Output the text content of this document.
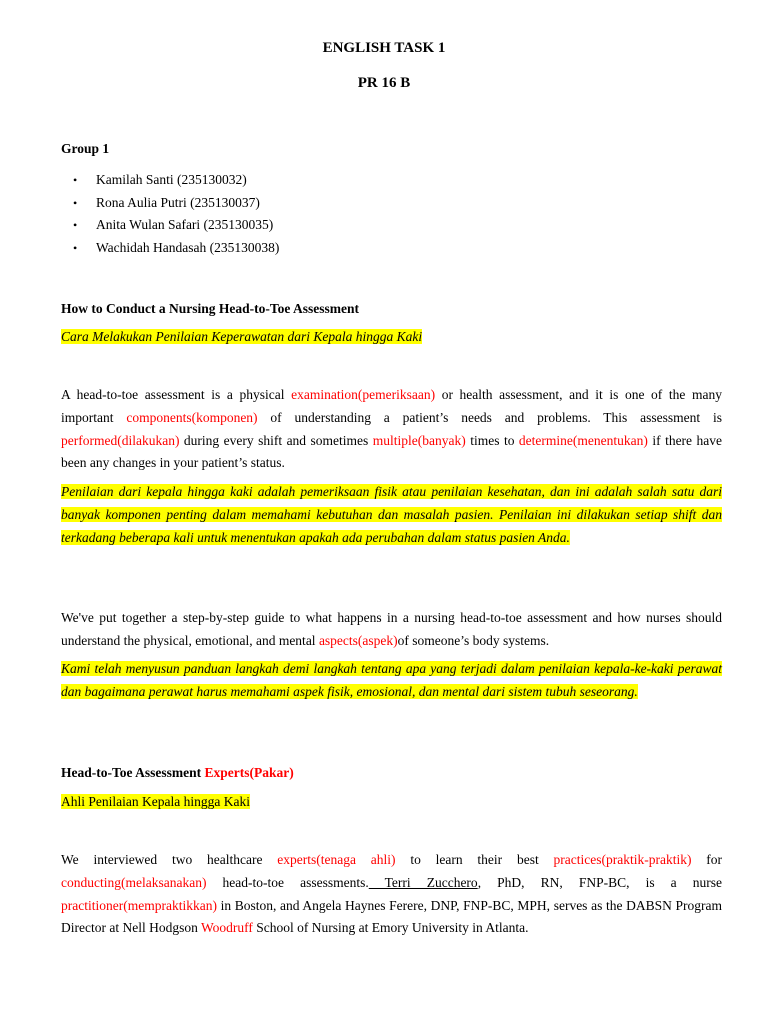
ENGLISH TASK 1
PR 16 B
Group 1
• Kamilah Santi (235130032)
• Rona Aulia Putri (235130037)
• Anita Wulan Safari (235130035)
• Wachidah Handasah (235130038)
How to Conduct a Nursing Head-to-Toe Assessment
Cara Melakukan Penilaian Keperawatan dari Kepala hingga Kaki
A head-to-toe assessment is a physical examination(pemeriksaan) or health assessment, and it is one of the many important components(komponen) of understanding a patient’s needs and problems. This assessment is performed(dilakukan) during every shift and sometimes multiple(banyak) times to determine(menentukan) if there have been any changes in your patient’s status.
Penilaian dari kepala hingga kaki adalah pemeriksaan fisik atau penilaian kesehatan, dan ini adalah salah satu dari banyak komponen penting dalam memahami kebutuhan dan masalah pasien. Penilaian ini dilakukan setiap shift dan terkadang beberapa kali untuk menentukan apakah ada perubahan dalam status pasien Anda.
We've put together a step-by-step guide to what happens in a nursing head-to-toe assessment and how nurses should understand the physical, emotional, and mental aspects(aspek)of someone’s body systems.
Kami telah menyusun panduan langkah demi langkah tentang apa yang terjadi dalam penilaian kepala-ke-kaki perawat dan bagaimana perawat harus memahami aspek fisik, emosional, dan mental dari sistem tubuh seseorang.
Head-to-Toe Assessment Experts(Pakar)
Ahli Penilaian Kepala hingga Kaki
We interviewed two healthcare experts(tenaga ahli) to learn their best practices(praktik-praktik) for conducting(melaksanakan) head-to-toe assessments. Terri Zucchero, PhD, RN, FNP-BC, is a nurse practitioner(mempraktikkan) in Boston, and Angela Haynes Ferere, DNP, FNP-BC, MPH, serves as the DABSN Program Director at Nell Hodgson Woodruff School of Nursing at Emory University in Atlanta.
